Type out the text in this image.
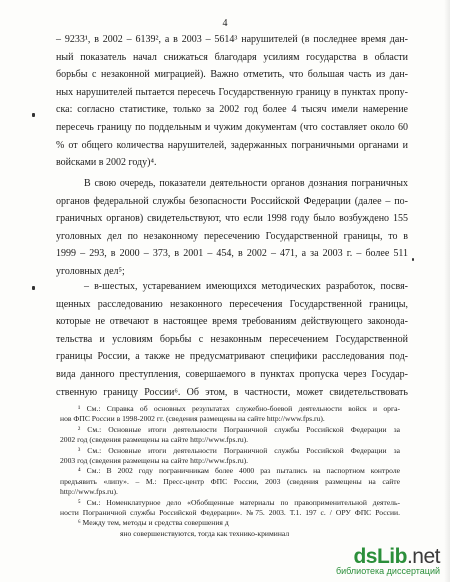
4
– 9233¹, в 2002 – 6139², а в 2003 – 5614³ нарушителей (в последнее время дан-
ный показатель начал снижаться благодаря усилиям государства в области
борьбы с незаконной миграцией). Важно отметить, что большая часть из дан-
ных нарушителей пытается пересечь Государственную границу в пунктах пропу-
ска: согласно статистике, только за 2002 год более 4 тысяч имели намерение
пересечь границу по поддельным и чужим документам (что составляет около 60
% от общего количества нарушителей, задержанных пограничными органами и
войсками в 2002 году)⁴.
В свою очередь, показатели деятельности органов дознания пограничных
органов федеральной службы безопасности Российской Федерации (далее – по-
граничных органов) свидетельствуют, что если 1998 году было возбуждено 155
уголовных дел по незаконному пересечению Государственной границы, то в
1999 – 293, в 2000 – 373, в 2001 – 454, в 2002 – 471, а за 2003 г. – более 511
уголовных дел⁵;
– в-шестых, устареванием имеющихся методических разработок, посвя-
щенных расследованию незаконного пересечения Государственной границы,
которые не отвечают в настоящее время требованиям действующего законода-
тельства и условиям борьбы с незаконным пересечением Государственной
границы России, а также не предусматривают специфики расследования под-
вида данного преступления, совершаемого в пунктах пропуска через Государ-
ственную границу России⁶. Об этом, в частности, может свидетельствовать
¹ См.: Справка об основных результатах служебно-боевой деятельности войск и орга-
нов ФПС России в 1998-2002 гг. (сведения размещены на сайте http://www.fps.ru).
² См.: Основные итоги деятельности Пограничной службы Российской Федерации за
2002 год (сведения размещены на сайте http://www.fps.ru).
³ См.: Основные итоги деятельности Пограничной службы Российской Федерации за
2003 год (сведения размещены на сайте http://www.fps.ru).
⁴ См.: В 2002 году пограничникам более 4000 раз пытались на паспортном контроле
предъявить «липу». – М.: Пресс-центр ФПС России, 2003 (сведения размещены на сайте
http://www.fps.ru).
⁵ См.: Номенклатурное дело «Обобщенные материалы по правоприменительной деятель-
ности Пограничной службы Российской Федерации». №75. 2003. Т.1. 197 с. / ОРУ ФПС России.
⁶ Между тем, методы и средства совершения д
яно совершенствуются, тогда как технико-криминал
dsLib.net
библиотека диссертаций
